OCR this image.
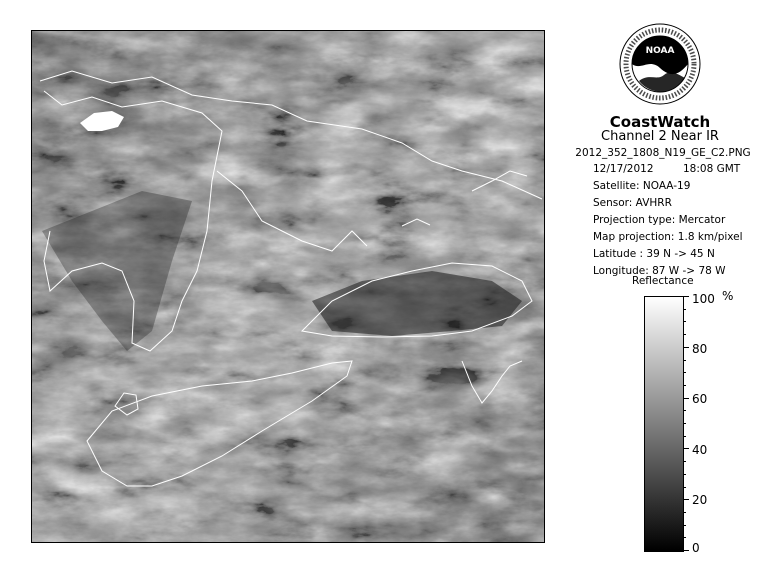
NOAA
CoastWatch
Channel 2 Near IR
2012_352_1808_N19_GE_C2.PNG
12/17/2012	18:08 GMT
Satellite: NOAA-19
Sensor: AVHRR
Projection type: Mercator
Map projection: 1.8 km/pixel
Latitude : 39 N -> 45 N
Longitude: 87 W -> 78 W
Reflectance
%
100
80
60
40
20
0
